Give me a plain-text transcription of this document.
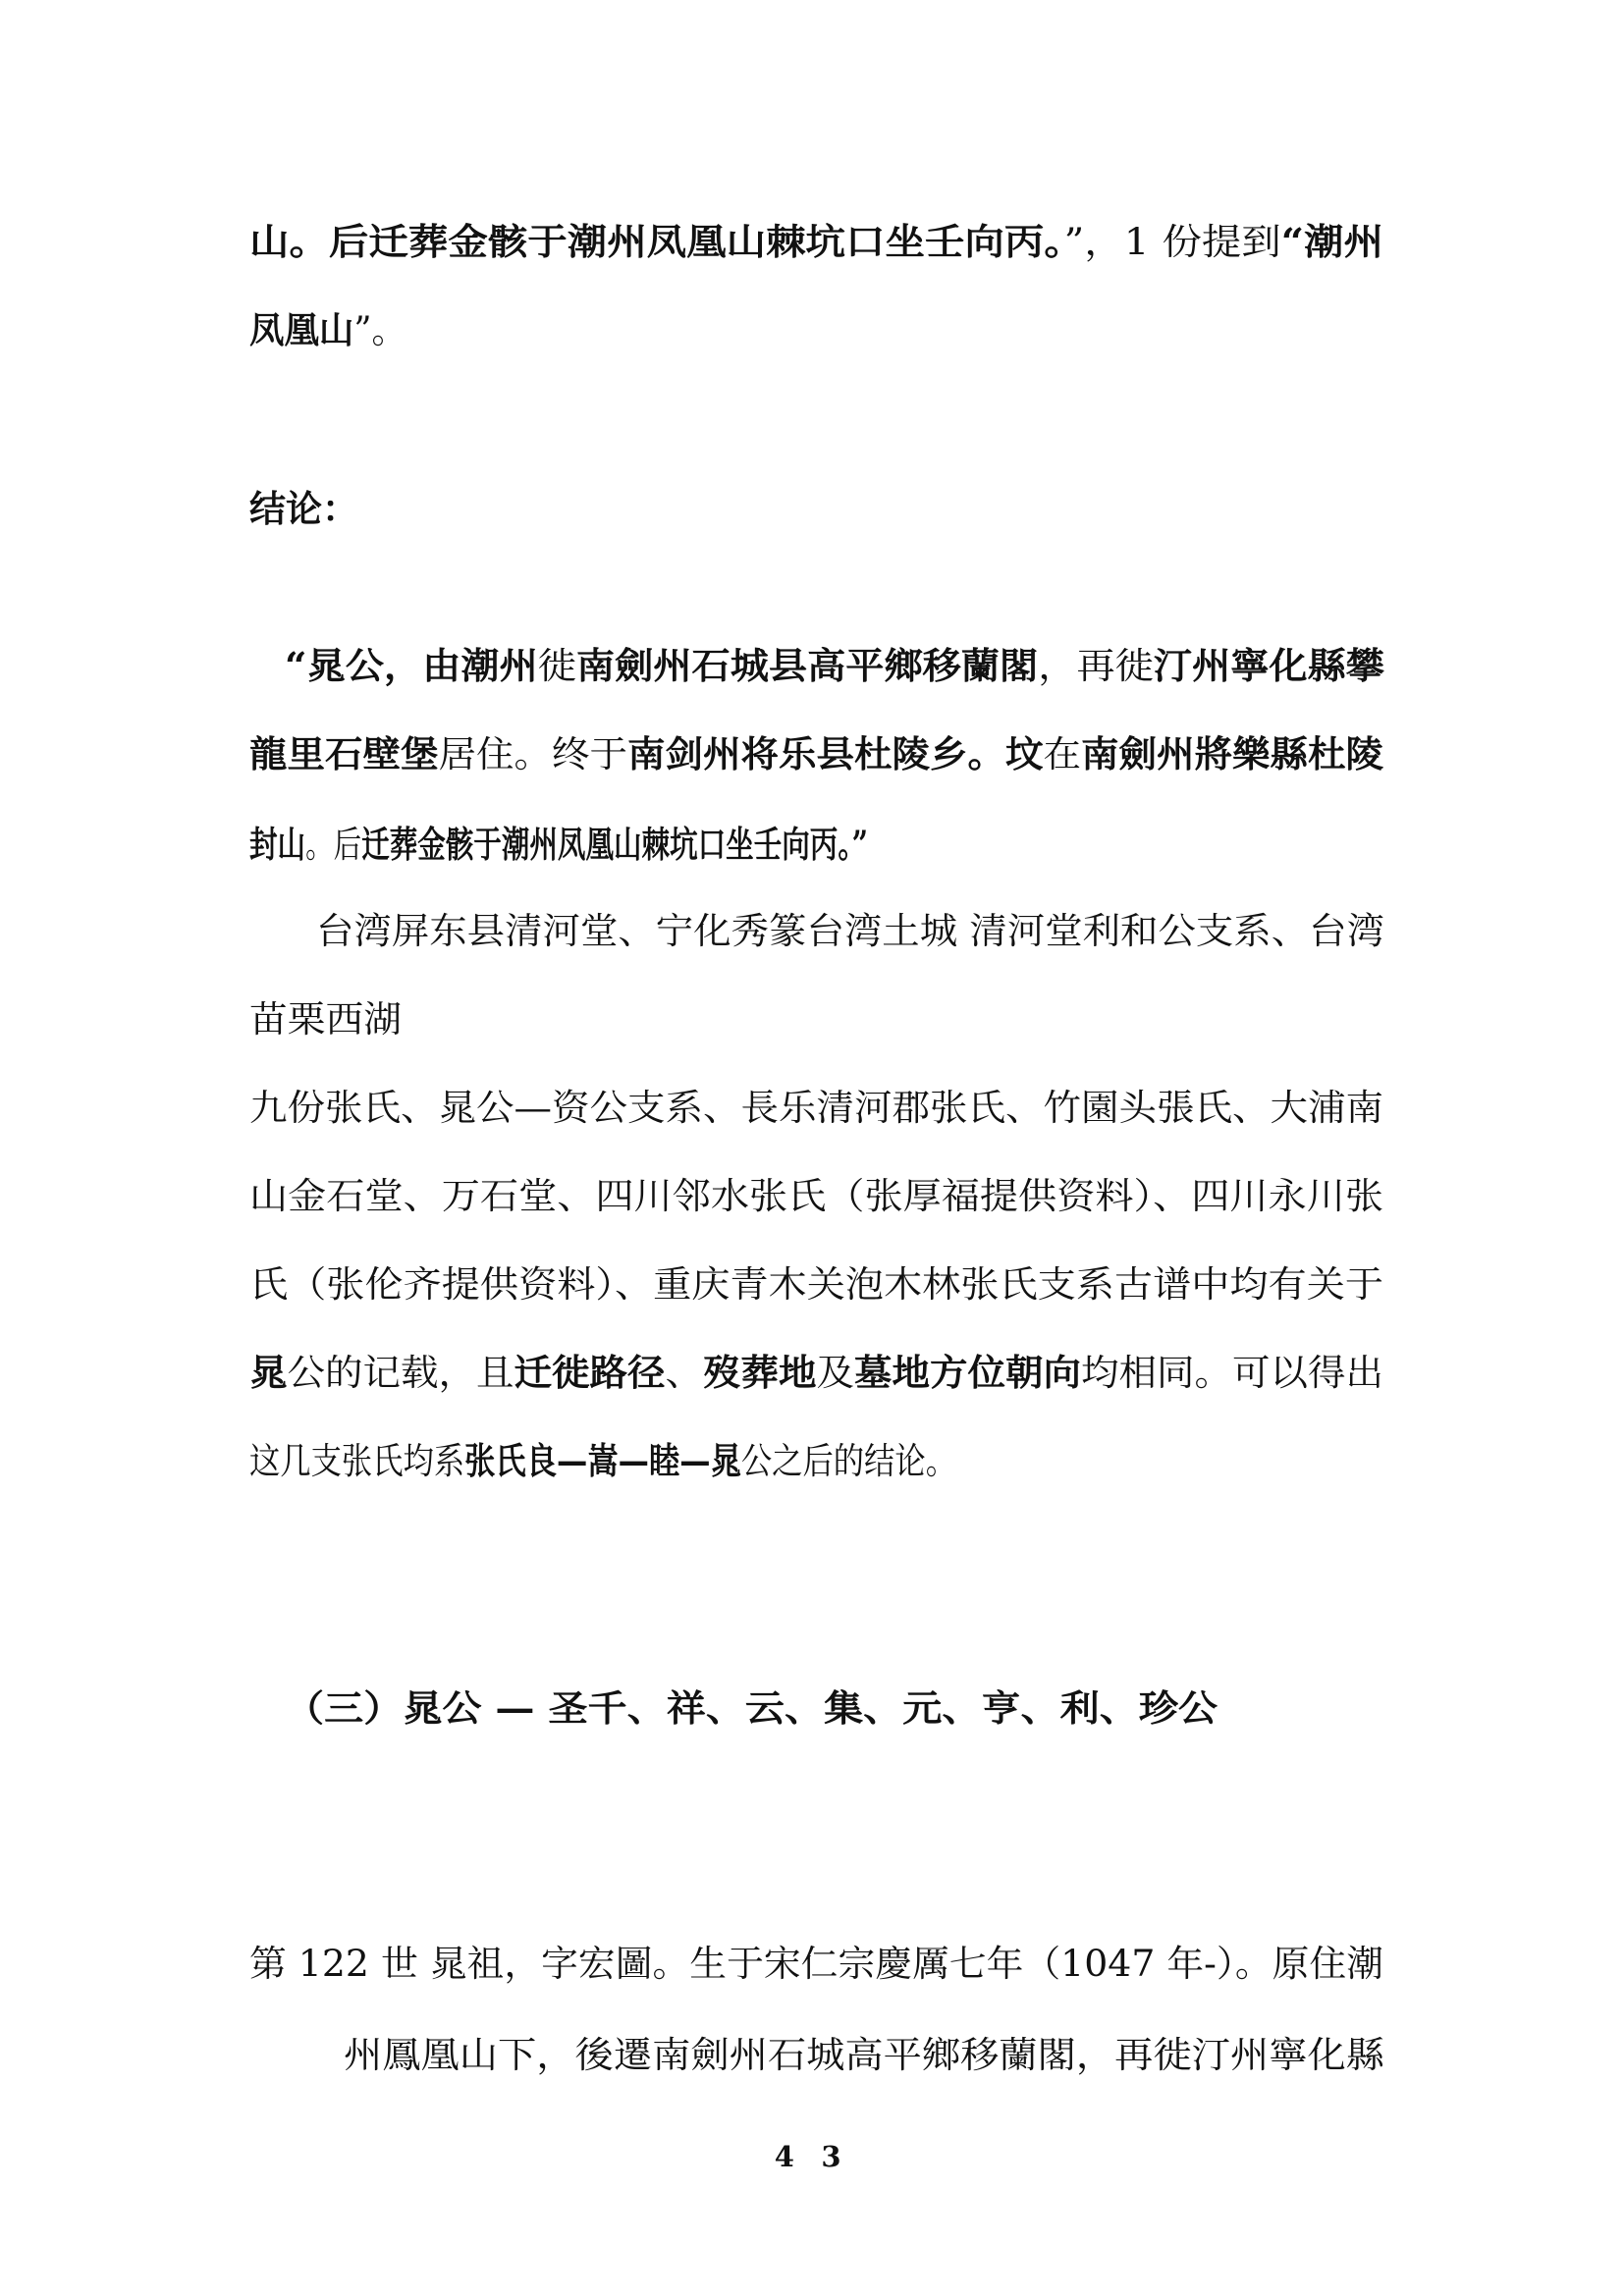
山。后迁葬金骸于潮州凤凰山棘坑口坐壬向丙。”，1 份提到“潮州
凤凰山”。
结论：
“晁公，由潮州徙南劍州石城县高平鄉移蘭閣，再徙汀州寧化縣攀
龍里石壁堡居住。终于南剑州将乐县杜陵乡。坟在南劍州將樂縣杜陵
封山。后迁葬金骸于潮州凤凰山棘坑口坐壬向丙。”
台湾屏东县清河堂、宁化秀篆台湾土城 清河堂利和公支系、台湾
苗栗西湖
九份张氏、晁公—资公支系、長乐清河郡张氏、竹園头張氏、大浦南
山金石堂、万石堂、四川邻水张氏（张厚福提供资料）、四川永川张
氏（张伦齐提供资料）、重庆青木关泡木林张氏支系古谱中均有关于
晁公的记载，且迁徙路径、歿葬地及墓地方位朝向均相同。可以得出
这几支张氏均系张氏良—嵩—睦—晁公之后的结论。
（三）晁公 — 圣千、祥、云、集、元、亨、利、珍公
第 122 世 晁祖，字宏圖。生于宋仁宗慶厲七年（1047 年-）。原住潮
州鳳凰山下，後遷南劍州石城高平鄉移蘭閣，再徙汀州寧化縣
4 3
